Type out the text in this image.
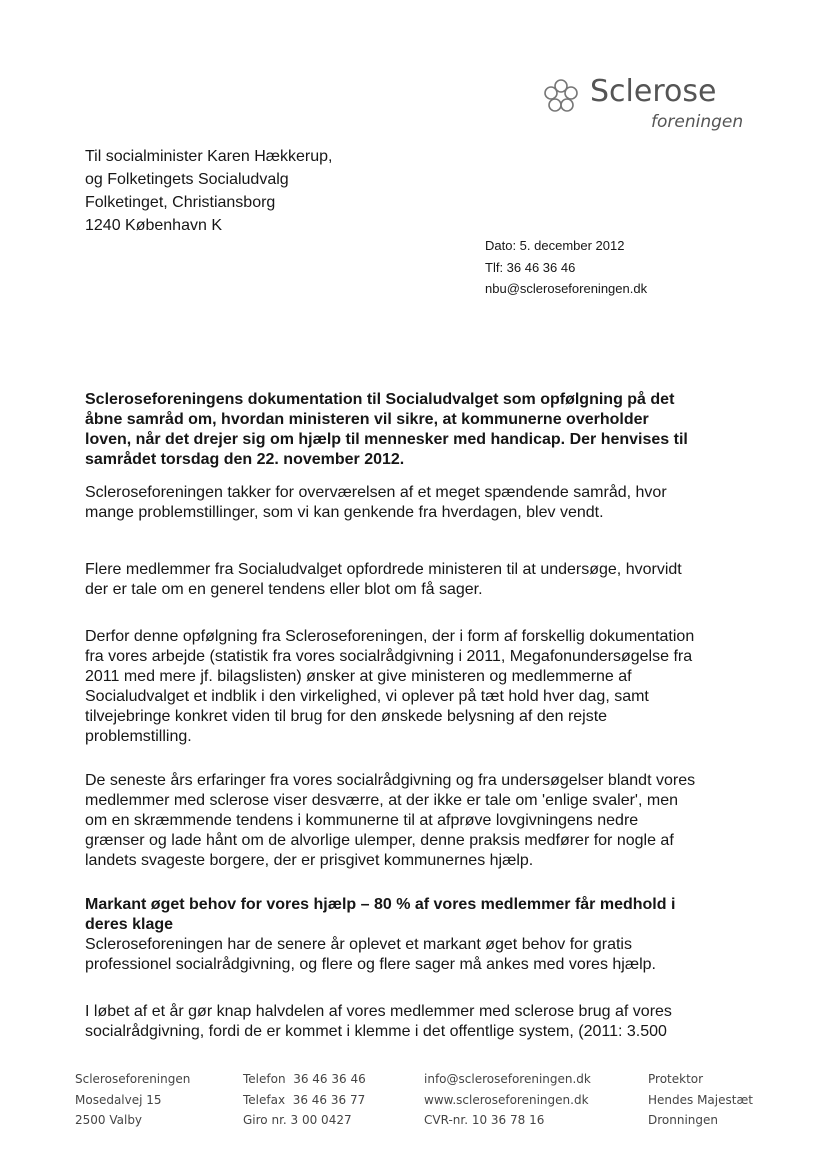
Sclerose
foreningen
Til socialminister Karen Hækkerup,
og Folketingets Socialudvalg
Folketinget, Christiansborg
1240 København K
Dato: 5. december 2012
Tlf: 36 46 36 46
nbu@scleroseforeningen.dk
Scleroseforeningens dokumentation til Socialudvalget som opfølgning på det
åbne samråd om, hvordan ministeren vil sikre, at kommunerne overholder
loven, når det drejer sig om hjælp til mennesker med handicap. Der henvises til
samrådet torsdag den 22. november 2012.
Scleroseforeningen takker for overværelsen af et meget spændende samråd, hvor
mange problemstillinger, som vi kan genkende fra hverdagen, blev vendt.
Flere medlemmer fra Socialudvalget opfordrede ministeren til at undersøge, hvorvidt
der er tale om en generel tendens eller blot om få sager.
Derfor denne opfølgning fra Scleroseforeningen, der i form af forskellig dokumentation
fra vores arbejde (statistik fra vores socialrådgivning i 2011, Megafonundersøgelse fra
2011 med mere jf. bilagslisten) ønsker at give ministeren og medlemmerne af
Socialudvalget et indblik i den virkelighed, vi oplever på tæt hold hver dag, samt
tilvejebringe konkret viden til brug for den ønskede belysning af den rejste
problemstilling.
De seneste års erfaringer fra vores socialrådgivning og fra undersøgelser blandt vores
medlemmer med sclerose viser desværre, at der ikke er tale om 'enlige svaler', men
om en skræmmende tendens i kommunerne til at afprøve lovgivningens nedre
grænser og lade hånt om de alvorlige ulemper, denne praksis medfører for nogle af
landets svageste borgere, der er prisgivet kommunernes hjælp.
Markant øget behov for vores hjælp – 80 % af vores medlemmer får medhold i
deres klage
Scleroseforeningen har de senere år oplevet et markant øget behov for gratis
professionel socialrådgivning, og flere og flere sager må ankes med vores hjælp.
I løbet af et år gør knap halvdelen af vores medlemmer med sclerose brug af vores
socialrådgivning, fordi de er kommet i klemme i det offentlige system, (2011: 3.500
Scleroseforeningen
Mosedalvej 15
2500 Valby
Telefon  36 46 36 46
Telefax  36 46 36 77
Giro nr. 3 00 0427
info@scleroseforeningen.dk
www.scleroseforeningen.dk
CVR-nr. 10 36 78 16
Protektor
Hendes Majestæt
Dronningen
